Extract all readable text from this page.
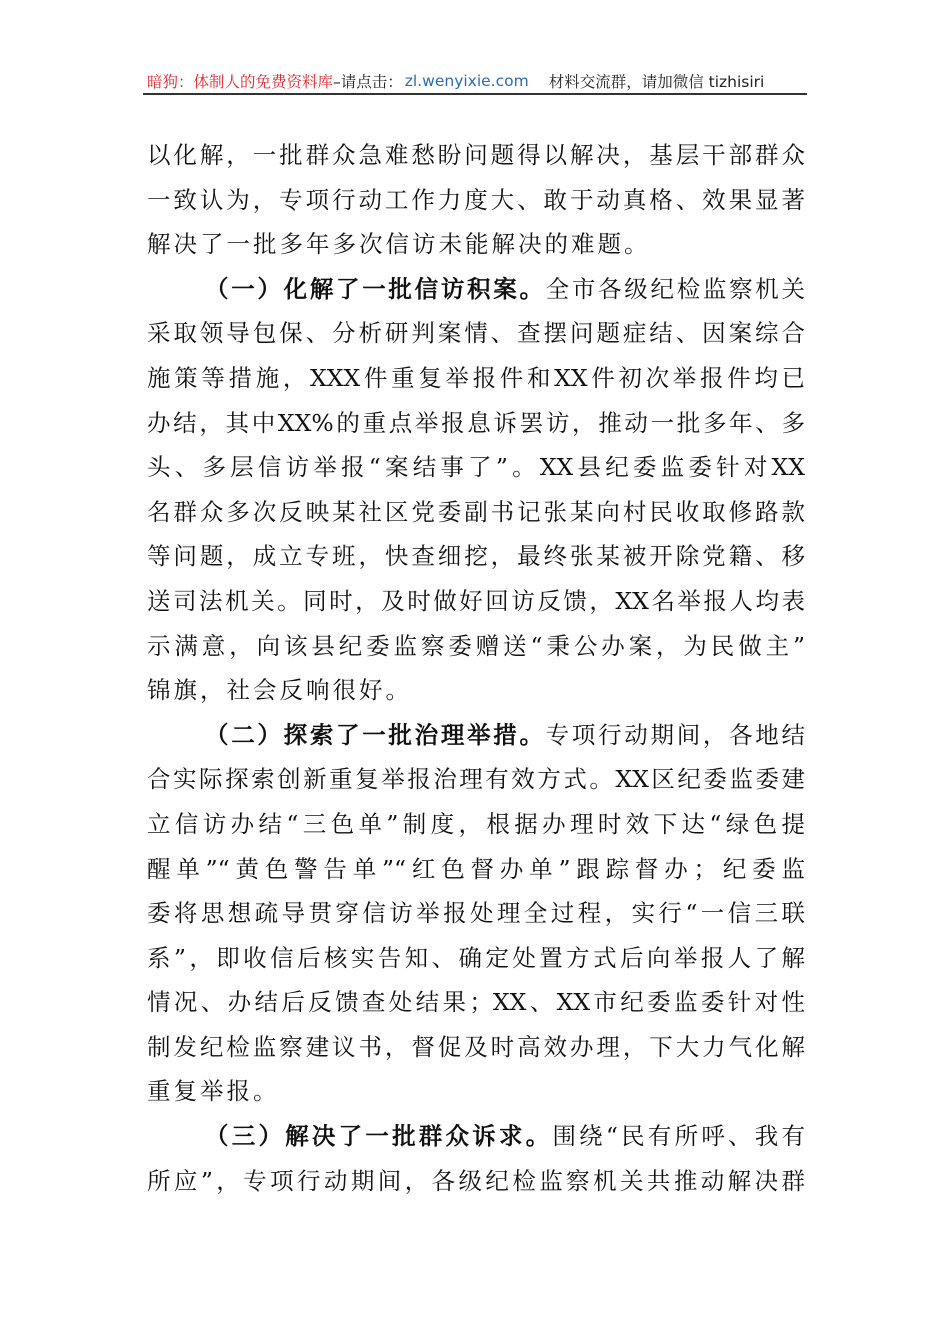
暗狗：体制人的免费资料库 –请点击： zl.wenyixie.com 材料交流群，请加微信 tizhisiri
以化解，一批群众急难愁盼问题得以解决，基层干部群众
一致认为，专项行动工作力度大、敢于动真格、效果显著
解决了一批多年多次信访未能解决的难题。
（一）化解了一批信访积案。全市各级纪检监察机关
采取领导包保、分析研判案情、查摆问题症结、因案综合
施策等措施，XXX件重复举报件和XX件初次举报件均已
办结，其中XX%的重点举报息诉罢访，推动一批多年、多
头、多层信访举报“案结事了”。XX县纪委监委针对XX
名群众多次反映某社区党委副书记张某向村民收取修路款
等问题，成立专班，快查细挖，最终张某被开除党籍、移
送司法机关。同时，及时做好回访反馈，XX名举报人均表
示满意，向该县纪委监察委赠送“秉公办案，为民做主”
锦旗，社会反响很好。
（二）探索了一批治理举措。专项行动期间，各地结
合实际探索创新重复举报治理有效方式。XX区纪委监委建
立信访办结“三色单”制度，根据办理时效下达“绿色提
醒单”“黄色警告单”“红色督办单”跟踪督办；纪委监
委将思想疏导贯穿信访举报处理全过程，实行“一信三联
系”，即收信后核实告知、确定处置方式后向举报人了解
情况、办结后反馈查处结果；XX、XX市纪委监委针对性
制发纪检监察建议书，督促及时高效办理，下大力气化解
重复举报。
（三）解决了一批群众诉求。围绕“民有所呼、我有
所应”，专项行动期间，各级纪检监察机关共推动解决群
